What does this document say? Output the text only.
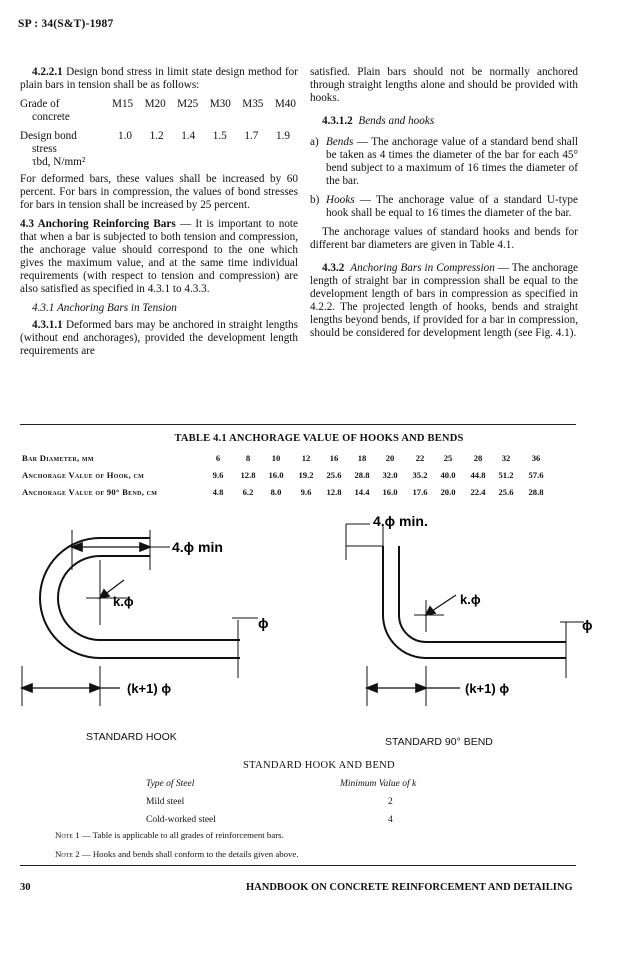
SP : 34(S&T)-1987

4.2.2.1 Design bond stress in limit state design method for plain bars in tension shall be as follows:

Grade of
concrete
M15 M20 M25 M30 M35 M40
Design bond
stress
τbd, N/mm²
1.0 1.2 1.4 1.5 1.7 1.9

For deformed bars, these values shall be increased by 60 percent. For bars in compression, the values of bond stresses for bars in tension shall be increased by 25 percent.

4.3 Anchoring Reinforcing Bars — It is important to note that when a bar is subjected to both tension and compression, the anchorage value should correspond to the one which gives the maximum value, and at the same time individual requirements (with respect to tension and compression) are also satisfied as specified in 4.3.1 to 4.3.3.

4.3.1 Anchoring Bars in Tension

4.3.1.1 Deformed bars may be anchored in straight lengths (without end anchorages), provided the development length requirements are

satisfied. Plain bars should not be normally anchored through straight lengths alone and should be provided with hooks.

4.3.1.2 Bends and hooks

a) Bends — The anchorage value of a standard bend shall be taken as 4 times the diameter of the bar for each 45° bend subject to a maximum of 16 times the diameter of the bar.
b) Hooks — The anchorage value of a standard U-type hook shall be equal to 16 times the diameter of the bar.

The anchorage values of standard hooks and bends for different bar diameters are given in Table 4.1.

4.3.2 Anchoring Bars in Compression — The anchorage length of straight bar in compression shall be equal to the development length of bars in compression as specified in 4.2.2. The projected length of hooks, bends and straight lengths beyond bends, if provided for a bar in compression, should be considered for development length (see Fig. 4.1).

TABLE 4.1 ANCHORAGE VALUE OF HOOKS AND BENDS
Bar Diameter, mm	6	8	10	12	16	18	20	22	25	28	32	36
Anchorage Value of Hook, cm	9.6	12.8	16.0	19.2	25.6	28.8	32.0	35.2	40.0	44.8	51.2	57.6
Anchorage Value of 90° Bend, cm	4.8	6.2	8.0	9.6	12.8	14.4	16.0	17.6	20.0	22.4	25.6	28.8
4.ϕ min
k.ϕ
ϕ
(k+1) ϕ
4.ϕ min.
k.ϕ
ϕ
(k+1) ϕ
STANDARD HOOK	STANDARD 90° BEND
STANDARD HOOK AND BEND
Type of Steel	Minimum Value of k
Mild steel	2
Cold-worked steel	4
Note 1 — Table is applicable to all grades of reinforcement bars.
Note 2 — Hooks and bends shall conform to the details given above.
30	HANDBOOK ON CONCRETE REINFORCEMENT AND DETAILING
